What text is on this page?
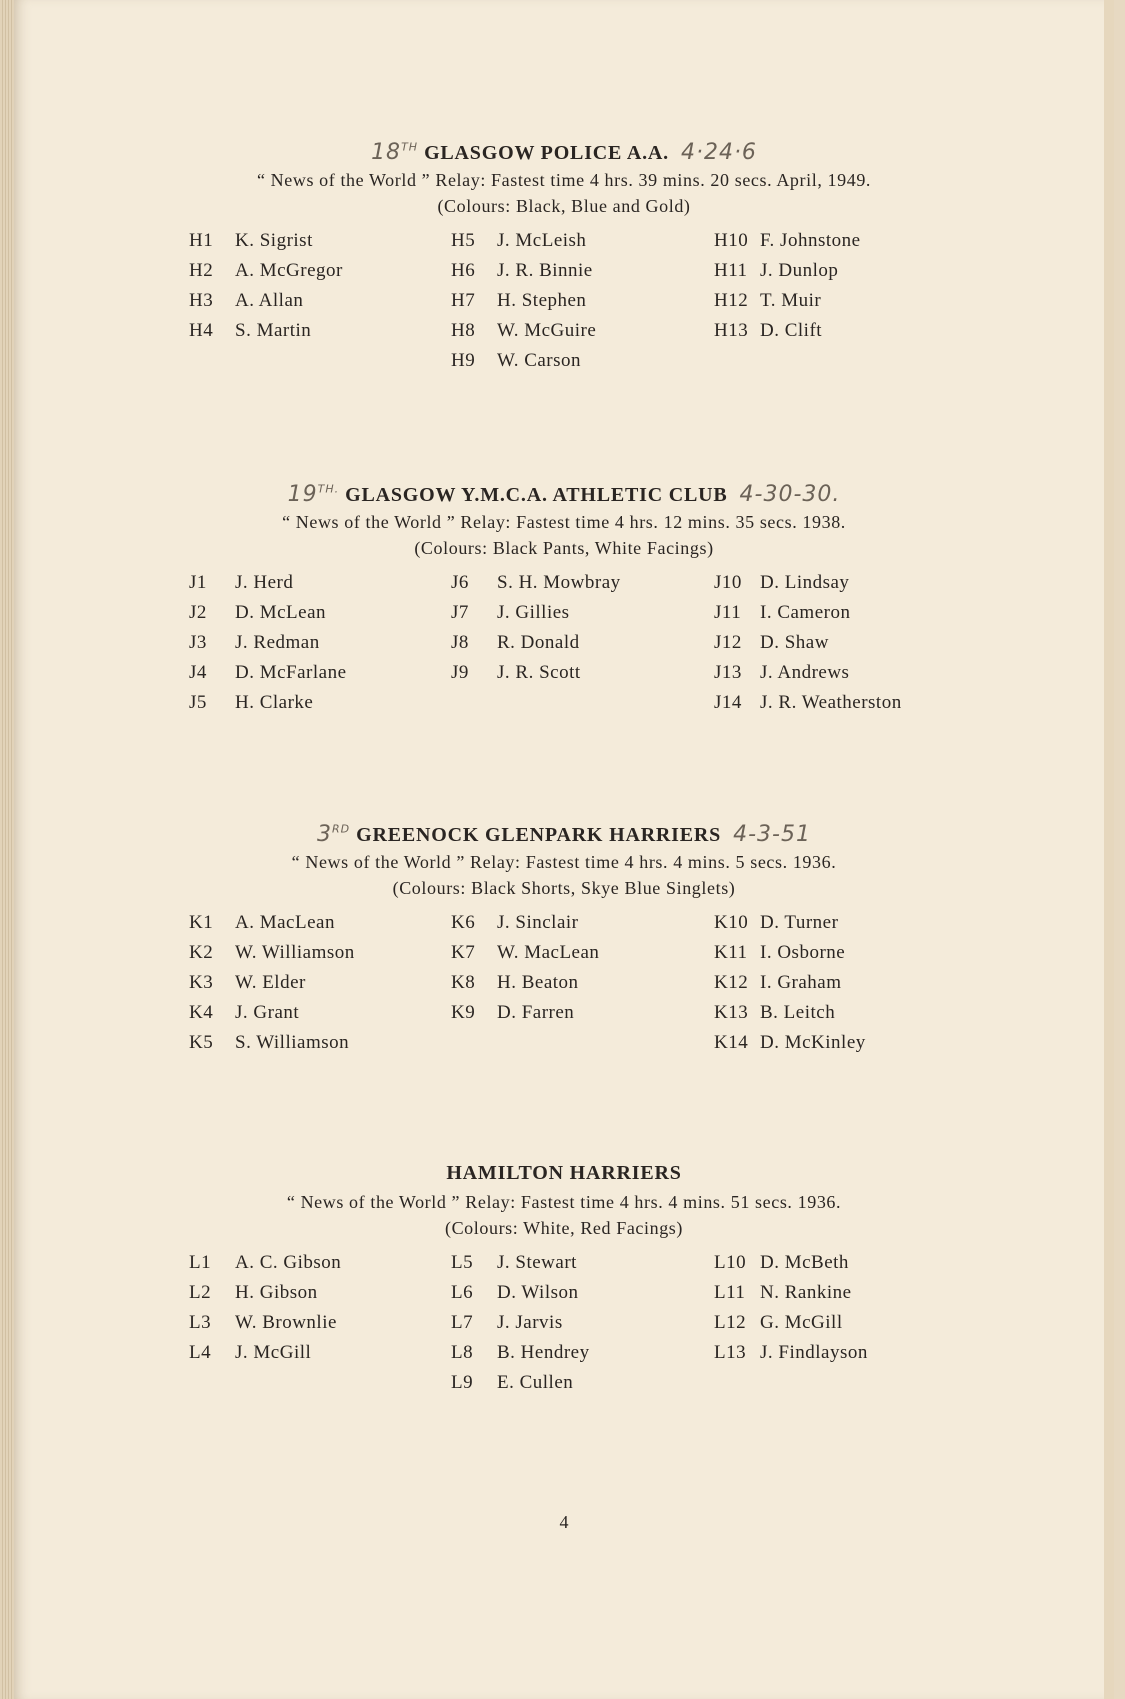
18TH GLASGOW POLICE A.A. 4·24·6
“ News of the World ” Relay: Fastest time 4 hrs. 39 mins. 20 secs. April, 1949.
(Colours: Black, Blue and Gold)
H1 K. Sigrist
H2 A. McGregor
H3 A. Allan
H4 S. Martin
H5 J. McLeish
H6 J. R. Binnie
H7 H. Stephen
H8 W. McGuire
H9 W. Carson
H10 F. Johnstone
H11 J. Dunlop
H12 T. Muir
H13 D. Clift
$19^{TH.}$ GLASGOW Y.M.C.A. ATHLETIC CLUB 4-30-30.
“ News of the World ” Relay: Fastest time 4 hrs. 12 mins. 35 secs. 1938.
(Colours: Black Pants, White Facings)
J1 J. Herd
J2 D. McLean
J3 J. Redman
J4 D. McFarlane
J5 H. Clarke
J6 S. H. Mowbray
J7 J. Gillies
J8 R. Donald
J9 J. R. Scott
J10 D. Lindsay
J11 I. Cameron
J12 D. Shaw
J13 J. Andrews
J14 J. R. Weatherston
3RD GREENOCK GLENPARK HARRIERS 4-3-51
“ News of the World ” Relay: Fastest time 4 hrs. 4 mins. 5 secs. 1936.
(Colours: Black Shorts, Skye Blue Singlets)
K1 A. MacLean
K2 W. Williamson
K3 W. Elder
K4 J. Grant
K5 S. Williamson
K6 J. Sinclair
K7 W. MacLean
K8 H. Beaton
K9 D. Farren
K10 D. Turner
K11 I. Osborne
K12 I. Graham
K13 B. Leitch
K14 D. McKinley
HAMILTON HARRIERS
“ News of the World ” Relay: Fastest time 4 hrs. 4 mins. 51 secs. 1936.
(Colours: White, Red Facings)
L1 A. C. Gibson
L2 H. Gibson
L3 W. Brownlie
L4 J. McGill
L5 J. Stewart
L6 D. Wilson
L7 J. Jarvis
L8 B. Hendrey
L9 E. Cullen
L10 D. McBeth
L11 N. Rankine
L12 G. McGill
L13 J. Findlayson
4
